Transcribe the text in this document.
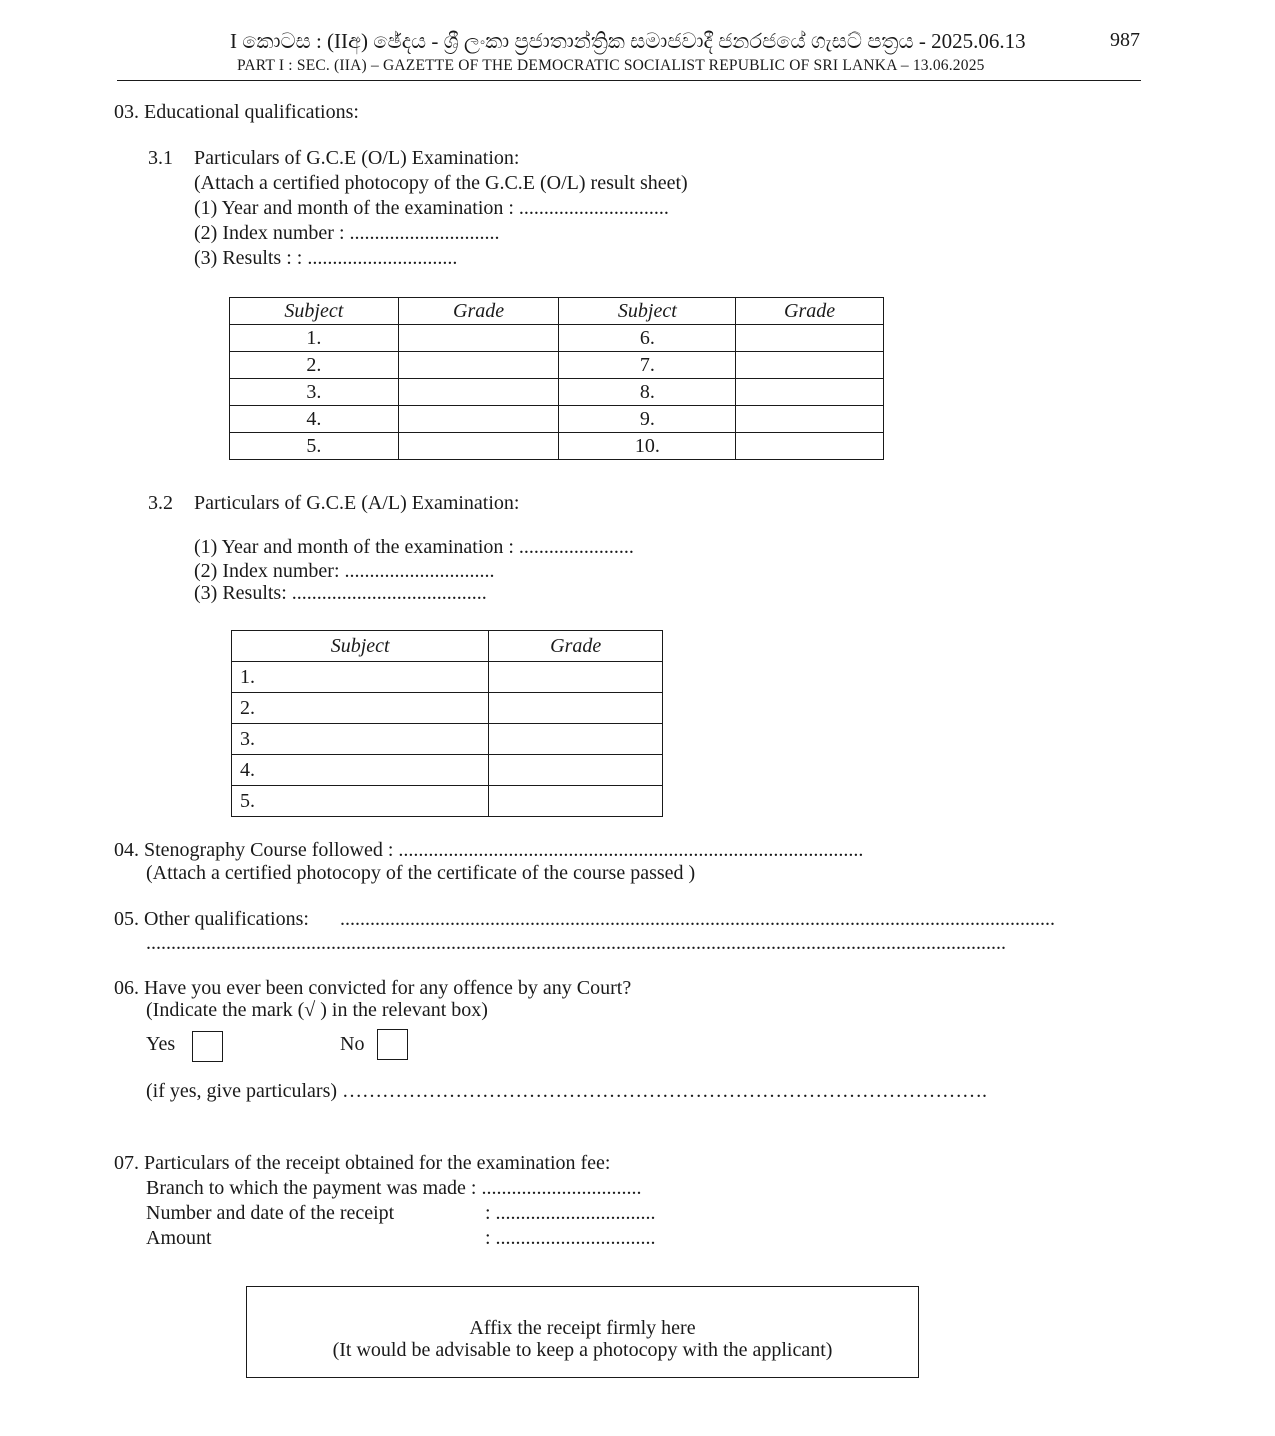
I කොටස : (IIඅ) ඡේදය - ශ්‍රී ලංකා ප්‍රජාතාන්ත්‍රික සමාජවාදී ජනරජයේ ගැසට් පත්‍රය - 2025.06.13	987
PART I : SEC. (IIA) – GAZETTE OF THE DEMOCRATIC SOCIALIST REPUBLIC OF SRI LANKA – 13.06.2025
03. Educational qualifications:
3.1 Particulars of G.C.E (O/L) Examination:
(Attach a certified photocopy of the G.C.E (O/L) result sheet)
(1) Year and month of the examination : ..............................
(2) Index number : ..............................
(3) Results : : ..............................
Subject	Grade	Subject	Grade
1.		6.	
2.		7.	
3.		8.	
4.		9.	
5.		10.	
3.2 Particulars of G.C.E (A/L) Examination:
(1) Year and month of the examination : .......................
(2) Index number: ..............................
(3) Results: .......................................
Subject	Grade
1.	
2.	
3.	
4.	
5.	
04. Stenography Course followed : .............................................................................................
(Attach a certified photocopy of the certificate of the course passed )
05. Other qualifications: ...............................................................................................................................................
............................................................................................................................................................................
06. Have you ever been convicted for any offence by any Court?
(Indicate the mark (√ ) in the relevant box)
Yes	No
(if yes, give particulars) …………………………………………………………………………………….
07. Particulars of the receipt obtained for the examination fee:
Branch to which the payment was made : ................................
Number and date of the receipt	: ................................
Amount	: ................................
Affix the receipt firmly here
(It would be advisable to keep a photocopy with the applicant)
